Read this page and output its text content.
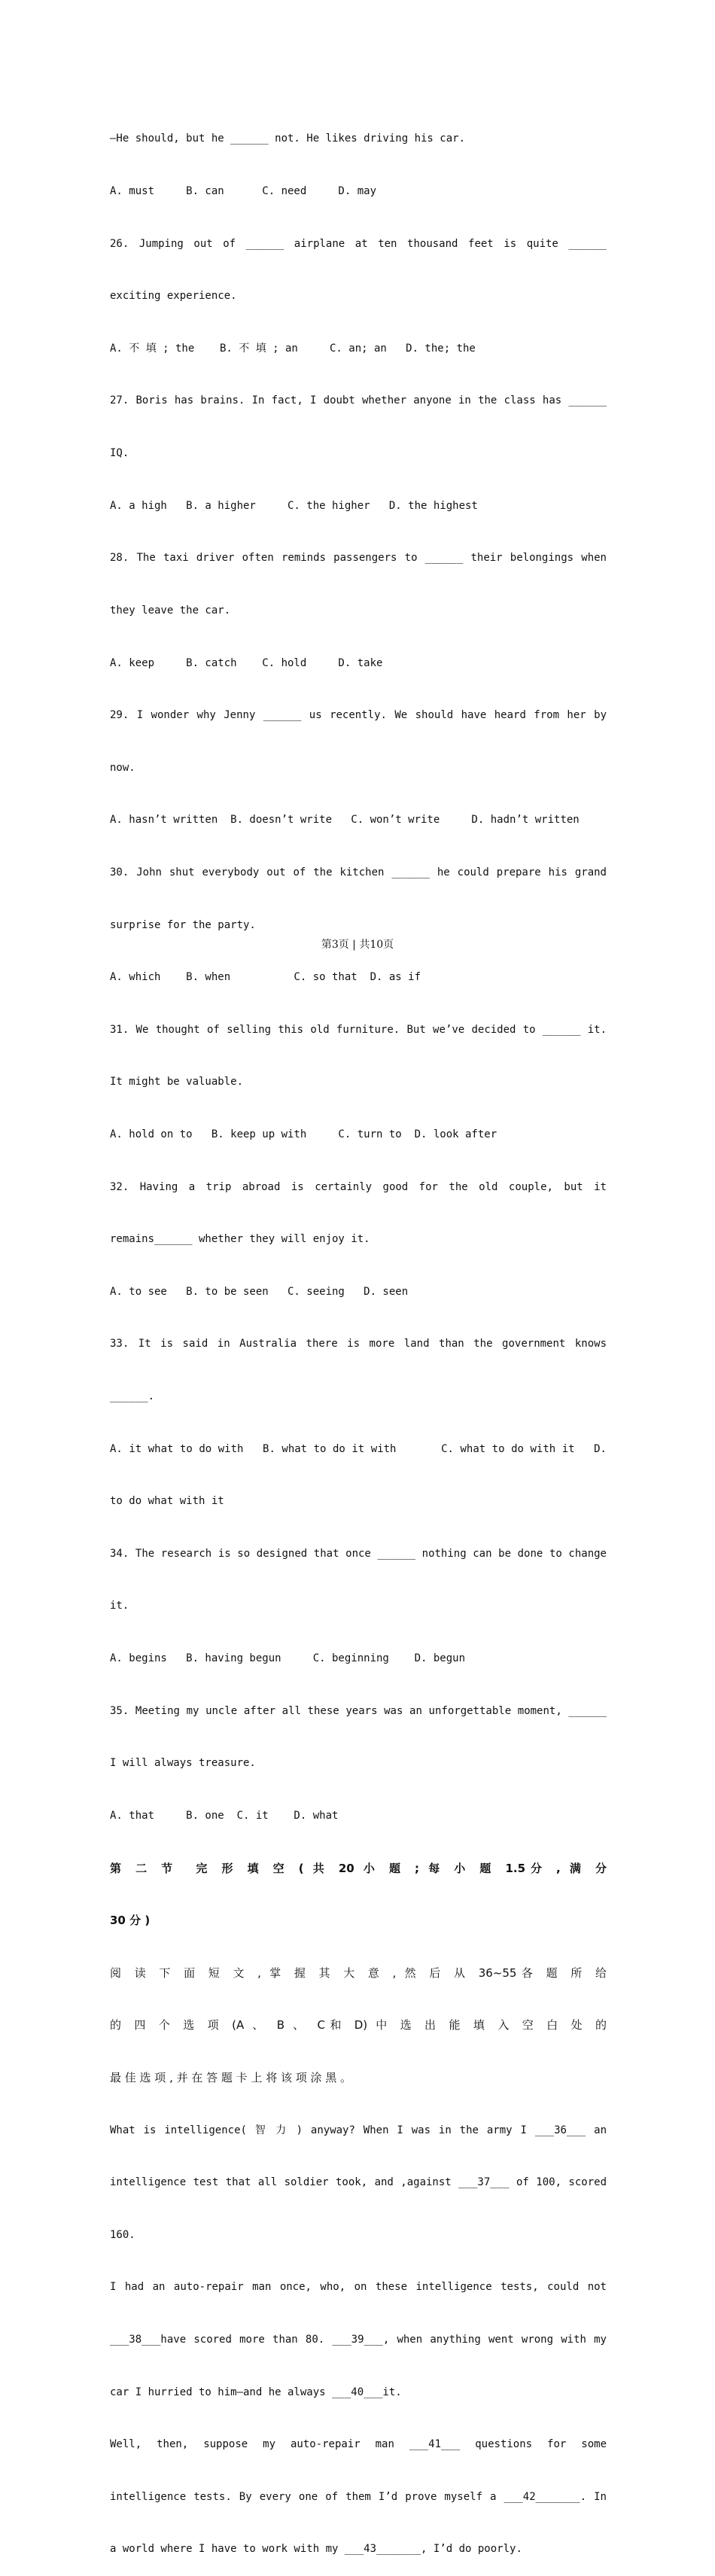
—He should, but he ______ not. He likes driving his car.

A. must     B. can      C. need     D. may

26. Jumping out of ______ airplane at ten thousand feet is quite ______

exciting experience.

A. 不 填 ; the    B. 不 填 ; an     C. an; an   D. the; the

27. Boris has brains. In fact, I doubt whether anyone in the class has ______

IQ.

A. a high   B. a higher     C. the higher   D. the highest

28. The taxi driver often reminds passengers to ______ their belongings when

they leave the car.

A. keep     B. catch    C. hold     D. take

29. I wonder why Jenny ______ us recently. We should have heard from her by

now.

A. hasn’t written  B. doesn’t write   C. won’t write     D. hadn’t written

30. John shut everybody out of the kitchen ______ he could prepare his grand

surprise for the party.

A. which    B. when          C. so that  D. as if

31. We thought of selling this old furniture. But we’ve decided to ______ it.

It might be valuable.

A. hold on to   B. keep up with     C. turn to  D. look after

32. Having a trip abroad is certainly good for the old couple, but it

remains______ whether they will enjoy it.

A. to see   B. to be seen   C. seeing   D. seen

33. It is said in Australia there is more land than the government knows

______.

A. it what to do with   B. what to do it with       C. what to do with it   D.

to do what with it

34. The research is so designed that once ______ nothing can be done to change

it.

A. begins   B. having begun     C. beginning    D. begun

35. Meeting my uncle after all these years was an unforgettable moment, ______

I will always treasure.

A. that     B. one  C. it    D. what

第 二 节  完 形 填 空 ( 共 20 小 题 ; 每 小 题 1.5分 , 满 分

30 分 )

阅 读 下 面 短 文 , 掌 握 其 大 意 , 然 后 从 36~55各 题 所 给

的 四 个 选 项 (A 、 B 、 C和 D) 中 选 出 能 填 入 空 白 处 的

最 佳 选 项 , 并 在 答 题 卡 上 将 该 项 涂 黑 。

What is intelligence( 智 力 ) anyway? When I was in the army I ___36___ an

intelligence test that all soldier took, and ,against ___37___ of 100, scored

160.

I had an auto-repair man once, who, on these intelligence tests, could not

___38___have scored more than 80. ___39___, when anything went wrong with my

car I hurried to him—and he always ___40___it.

Well, then, suppose my auto-repair man ___41___ questions for some

intelligence tests. By every one of them I’d prove myself a ___42_______. In

a world where I have to work with my ___43_______, I’d do poorly.

第3页 | 共10页
